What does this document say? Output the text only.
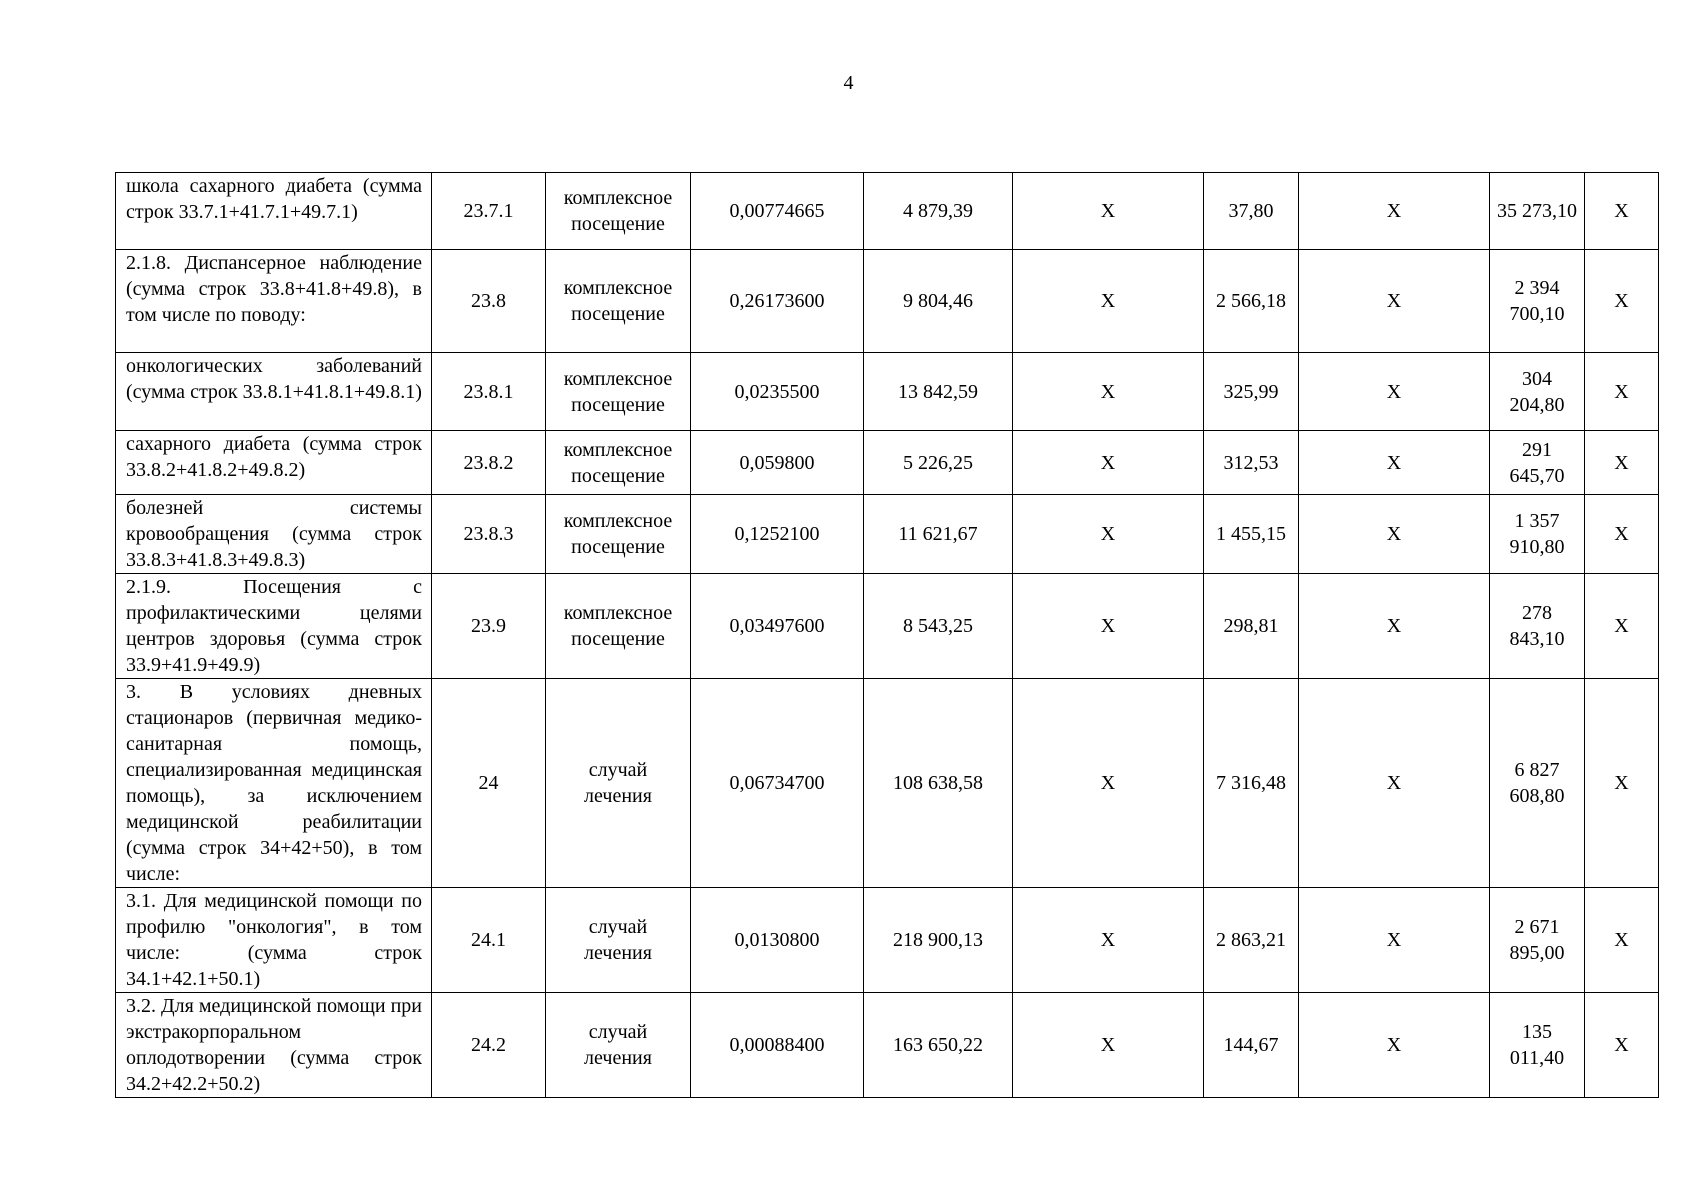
4
школа сахарного диабета (сумма строк 33.7.1+41.7.1+49.7.1)	23.7.1	комплексное посещение	0,00774665	4 879,39	Х	37,80	Х	35 273,10	Х
2.1.8. Диспансерное наблюдение (сумма строк 33.8+41.8+49.8), в том числе по поводу:	23.8	комплексное посещение	0,26173600	9 804,46	Х	2 566,18	Х	2 394 700,10	Х
онкологических заболеваний (сумма строк 33.8.1+41.8.1+49.8.1)	23.8.1	комплексное посещение	0,0235500	13 842,59	Х	325,99	Х	304 204,80	Х
сахарного диабета (сумма строк 33.8.2+41.8.2+49.8.2)	23.8.2	комплексное посещение	0,059800	5 226,25	Х	312,53	Х	291 645,70	Х
болезней системы кровообращения (сумма строк 33.8.3+41.8.3+49.8.3)	23.8.3	комплексное посещение	0,1252100	11 621,67	Х	1 455,15	Х	1 357 910,80	Х
2.1.9. Посещения с профилактическими целями центров здоровья (сумма строк 33.9+41.9+49.9)	23.9	комплексное посещение	0,03497600	8 543,25	Х	298,81	Х	278 843,10	Х
3. В условиях дневных стационаров (первичная медико-санитарная помощь, специализированная медицинская помощь), за исключением медицинской реабилитации (сумма строк 34+42+50), в том числе:	24	случай лечения	0,06734700	108 638,58	Х	7 316,48	Х	6 827 608,80	Х
3.1. Для медицинской помощи по профилю "онкология", в том числе: (сумма строк 34.1+42.1+50.1)	24.1	случай лечения	0,0130800	218 900,13	Х	2 863,21	Х	2 671 895,00	Х
3.2. Для медицинской помощи при экстракорпоральном оплодотворении (сумма строк 34.2+42.2+50.2)	24.2	случай лечения	0,00088400	163 650,22	Х	144,67	Х	135 011,40	Х
